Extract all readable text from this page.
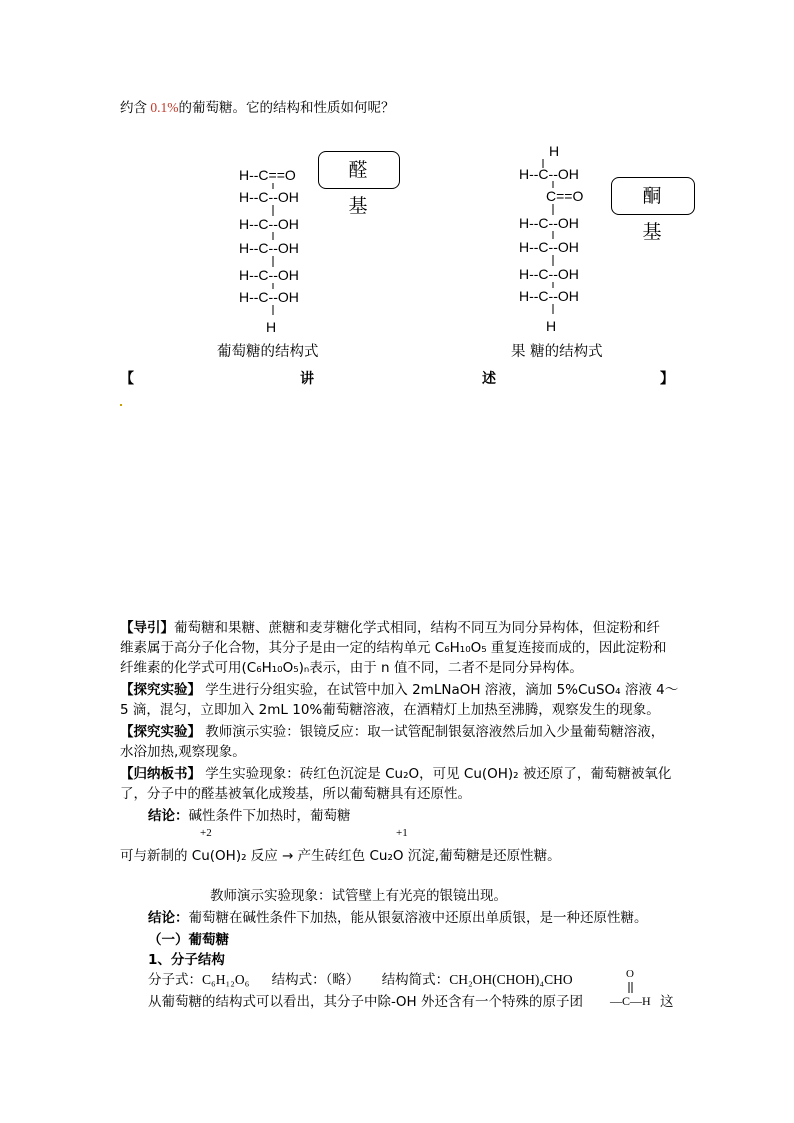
约含 0.1%的葡萄糖。它的结构和性质如何呢？
H--C==O
H--C--OH
H--C--OH
H--C--OH
H--C--OH
H--C--OH
H
醛 基
葡萄糖的结构式
H
H--C--OH
C==O
H--C--OH
H--C--OH
H--C--OH
H--C--OH
H
酮 基
果 糖的结构式
【	讲	述	】
【导引】葡萄糖和果糖、蔗糖和麦芽糖化学式相同，结构不同互为同分异构体，但淀粉和纤
维素属于高分子化合物，其分子是由一定的结构单元 C₆H₁₀O₅ 重复连接而成的，因此淀粉和
纤维素的化学式可用(C₆H₁₀O₅)ₙ表示，由于 n 值不同，二者不是同分异构体。
【探究实验】 学生进行分组实验，在试管中加入 2mLNaOH 溶液，滴加 5%CuSO₄ 溶液 4～
5 滴，混匀，立即加入 2mL 10%葡萄糖溶液，在酒精灯上加热至沸腾，观察发生的现象。
【探究实验】 教师演示实验：银镜反应：取一试管配制银氨溶液然后加入少量葡萄糖溶液，
水浴加热,观察现象。
【归纳板书】 学生实验现象：砖红色沉淀是 Cu₂O，可见 Cu(OH)₂ 被还原了，葡萄糖被氧化
了，分子中的醛基被氧化成羧基，所以葡萄糖具有还原性。
结论：碱性条件下加热时，葡萄糖
+2	+1
可与新制的 Cu(OH)₂ 反应 → 产生砖红色 Cu₂O 沉淀,葡萄糖是还原性糖。
教师演示实验现象：试管壁上有光亮的银镜出现。
结论：葡萄糖在碱性条件下加热，能从银氨溶液中还原出单质银，是一种还原性糖。
（一）葡萄糖
1、分子结构
分子式：C₆H₁₂O₆ 结构式：（略） 结构简式：CH₂OH(CHOH)₄CHO
从葡萄糖的结构式可以看出，其分子中除-OH 外还含有一个特殊的原子团
O
—C—H 这
